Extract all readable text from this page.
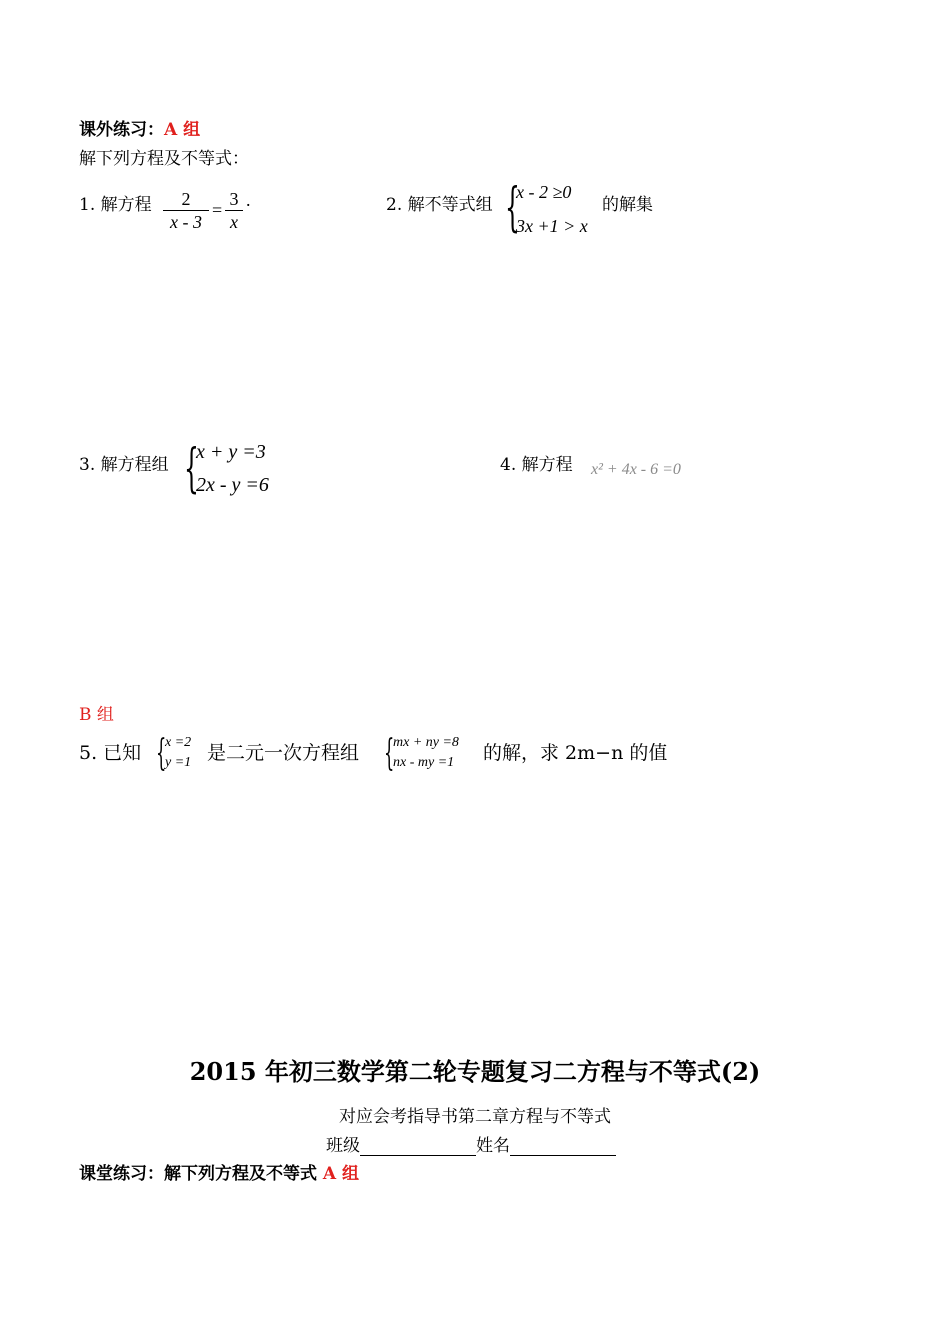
课外练习：A 组
解下列方程及不等式：
1. 解方程	2
x - 3
=
3
x
.	2. 解不等式组 {
x - 2 ≥0
3x +1 > x
的解集
3. 解方程组 {
x + y =3
2x - y =6
4. 解方程 x² + 4x - 6 =0
B 组
5. 已知 {
x =2
y =1 是二元一次方程组 {
mx + ny =8
nx - my =1 的解，求 2m−n 的值
2015 年初三数学第二轮专题复习二方程与不等式(2)
对应会考指导书第二章方程与不等式
班级	姓名
课堂练习：解下列方程及不等式 A 组
